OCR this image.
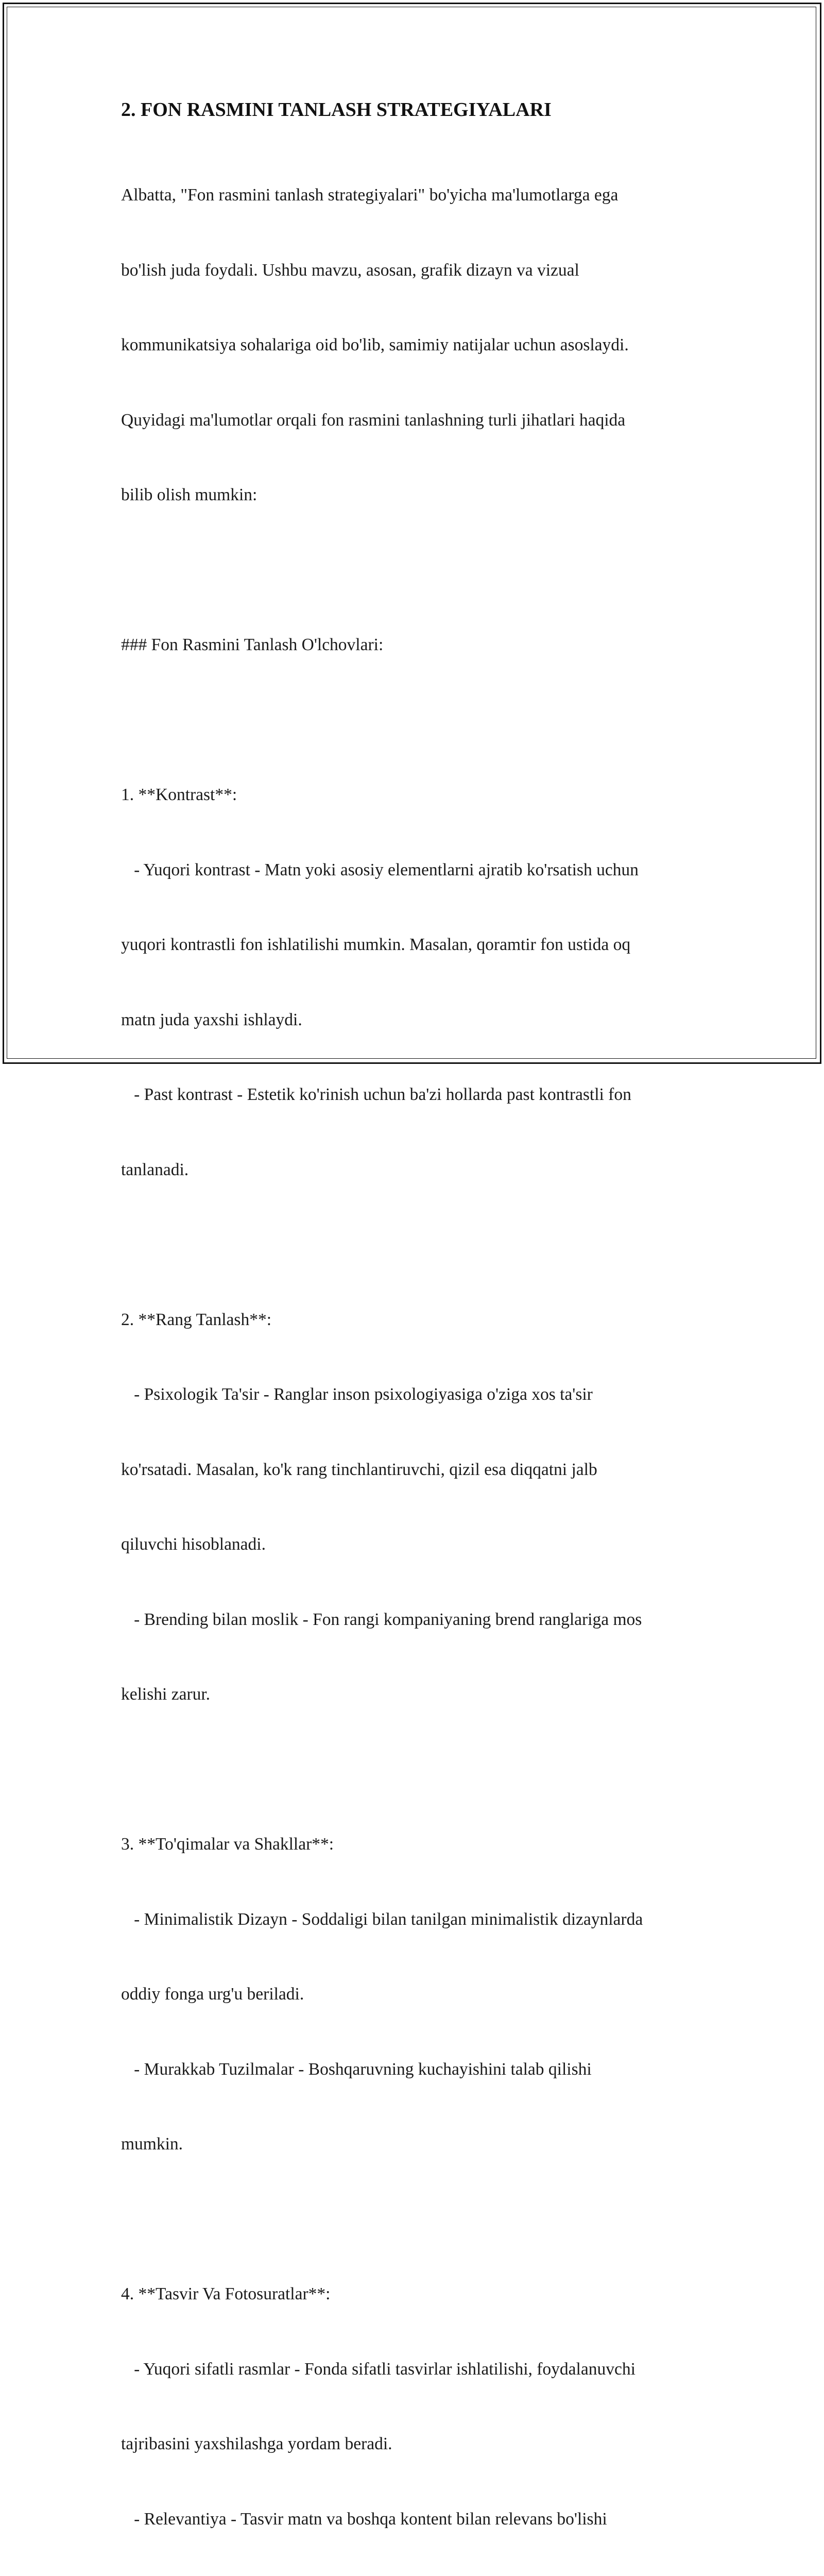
2. FON RASMINI TANLASH STRATEGIYALARI

Albatta, "Fon rasmini tanlash strategiyalari" bo'yicha ma'lumotlarga ega

bo'lish juda foydali. Ushbu mavzu, asosan, grafik dizayn va vizual

kommunikatsiya sohalariga oid bo'lib, samimiy natijalar uchun asoslaydi.

Quyidagi ma'lumotlar orqali fon rasmini tanlashning turli jihatlari haqida

bilib olish mumkin:

### Fon Rasmini Tanlash O'lchovlari:

1. **Kontrast**:

- Yuqori kontrast - Matn yoki asosiy elementlarni ajratib ko'rsatish uchun

yuqori kontrastli fon ishlatilishi mumkin. Masalan, qoramtir fon ustida oq

matn juda yaxshi ishlaydi.

- Past kontrast - Estetik ko'rinish uchun ba'zi hollarda past kontrastli fon

tanlanadi.

2. **Rang Tanlash**:

- Psixologik Ta'sir - Ranglar inson psixologiyasiga o'ziga xos ta'sir

ko'rsatadi. Masalan, ko'k rang tinchlantiruvchi, qizil esa diqqatni jalb

qiluvchi hisoblanadi.

- Brending bilan moslik - Fon rangi kompaniyaning brend ranglariga mos

kelishi zarur.

3. **To'qimalar va Shakllar**:

- Minimalistik Dizayn - Soddaligi bilan tanilgan minimalistik dizaynlarda

oddiy fonga urg'u beriladi.

- Murakkab Tuzilmalar - Boshqaruvning kuchayishini talab qilishi

mumkin.

4. **Tasvir Va Fotosuratlar**:

- Yuqori sifatli rasmlar - Fonda sifatli tasvirlar ishlatilishi, foydalanuvchi

tajribasini yaxshilashga yordam beradi.

- Relevantiya - Tasvir matn va boshqa kontent bilan relevans bo'lishi
